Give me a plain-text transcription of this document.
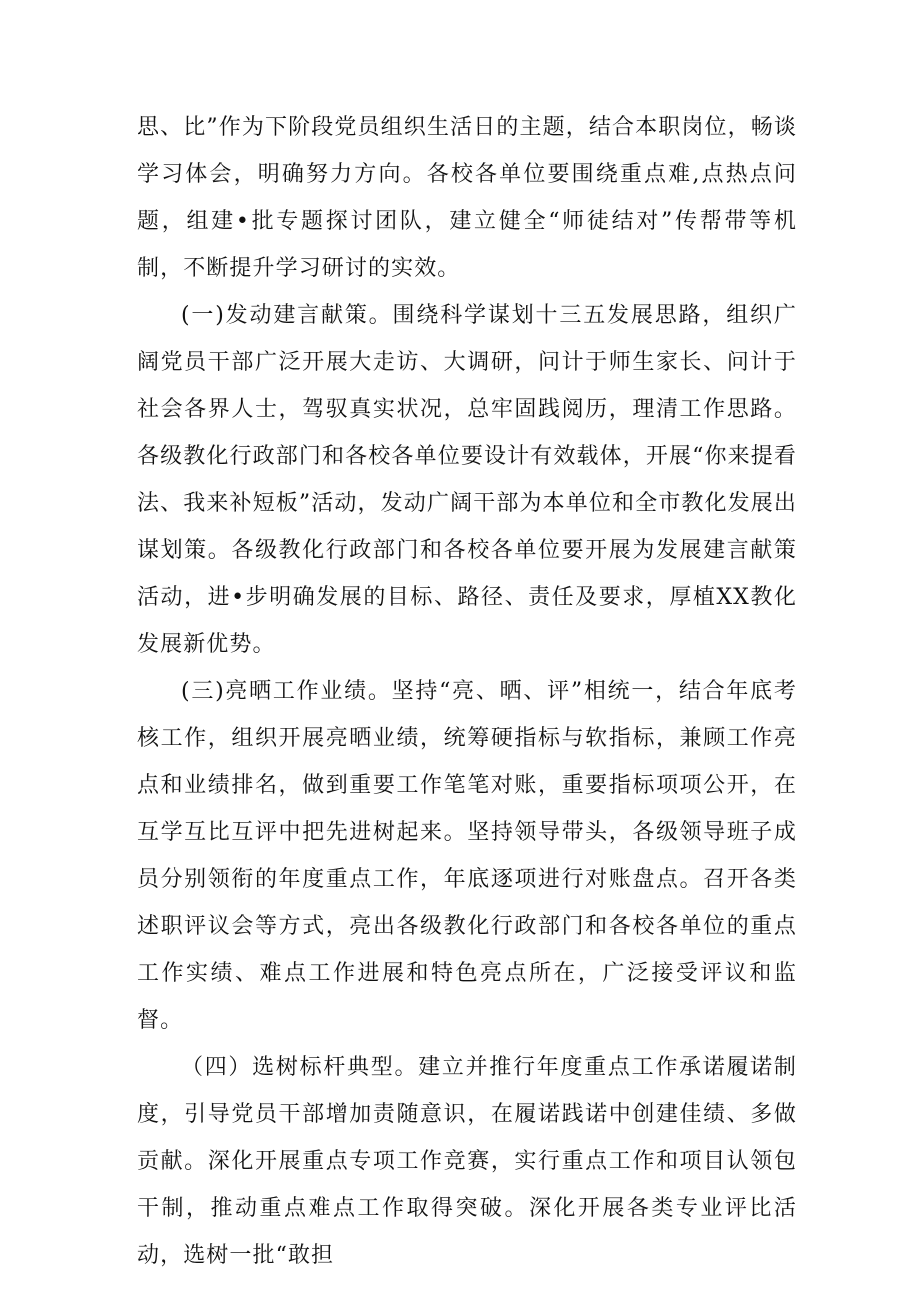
思、比”作为下阶段党员组织生活日的主题，结合本职岗位，畅谈学习体会，明确努力方向。各校各单位要围绕重点难,点热点问题，组建•批专题探讨团队，建立健全“师徒结对”传帮带等机制，不断提升学习研讨的实效。

(一)发动建言献策。围绕科学谋划十三五发展思路，组织广阔党员干部广泛开展大走访、大调研，问计于师生家长、问计于社会各界人士，驾驭真实状况，总牢固践阅历，理清工作思路。各级教化行政部门和各校各单位要设计有效载体，开展“你来提看法、我来补短板”活动，发动广阔干部为本单位和全市教化发展出谋划策。各级教化行政部门和各校各单位要开展为发展建言献策活动，进•步明确发展的目标、路径、责任及要求，厚植XX教化发展新优势。

(三)亮晒工作业绩。坚持“亮、晒、评”相统一，结合年底考核工作，组织开展亮晒业绩，统筹硬指标与软指标，兼顾工作亮点和业绩排名，做到重要工作笔笔对账，重要指标项项公开，在互学互比互评中把先进树起来。坚持领导带头，各级领导班子成员分别领衔的年度重点工作，年底逐项进行对账盘点。召开各类述职评议会等方式，亮出各级教化行政部门和各校各单位的重点工作实绩、难点工作进展和特色亮点所在，广泛接受评议和监督。

（四）选树标杆典型。建立并推行年度重点工作承诺履诺制度，引导党员干部增加责随意识，在履诺践诺中创建佳绩、多做贡献。深化开展重点专项工作竞赛，实行重点工作和项目认领包干制，推动重点难点工作取得突破。深化开展各类专业评比活动，选树一批“敢担
